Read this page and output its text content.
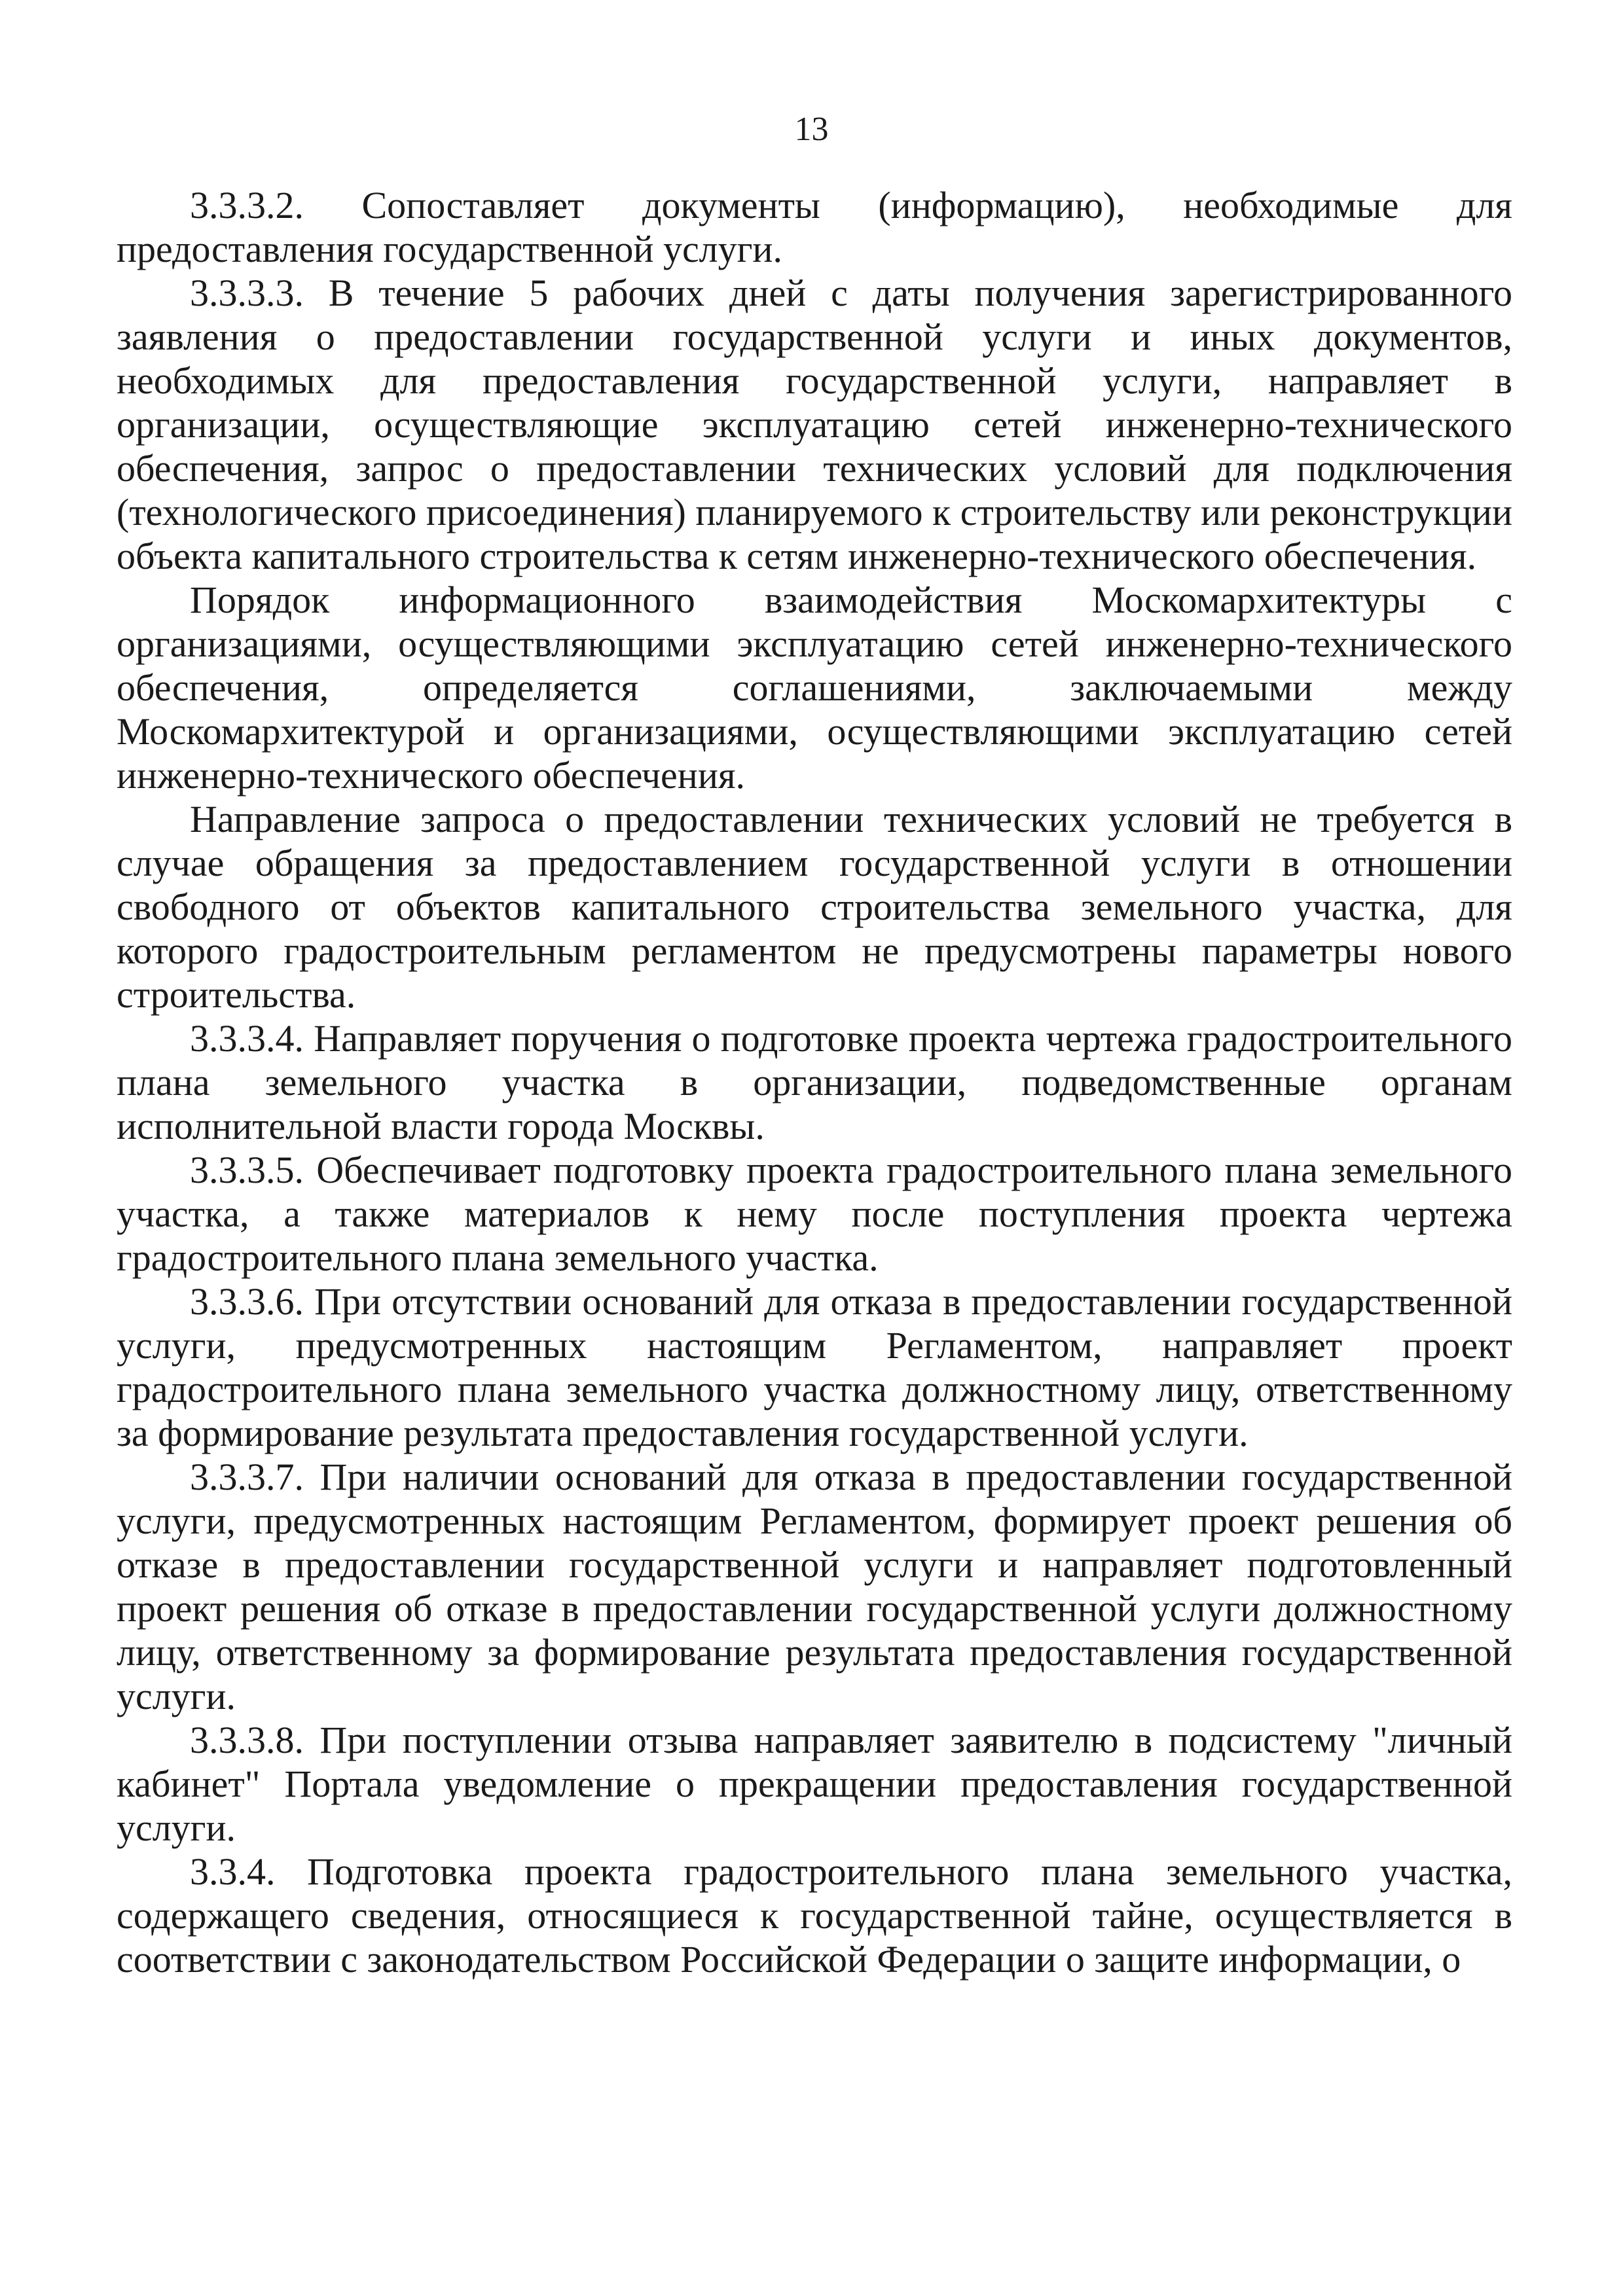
13

3.3.3.2. Сопоставляет документы (информацию), необходимые для предоставления государственной услуги.

3.3.3.3. В течение 5 рабочих дней с даты получения зарегистрированного заявления о предоставлении государственной услуги и иных документов, необходимых для предоставления государственной услуги, направляет в организации, осуществляющие эксплуатацию сетей инженерно-технического обеспечения, запрос о предоставлении технических условий для подключения (технологического присоединения) планируемого к строительству или реконструкции объекта капитального строительства к сетям инженерно-технического обеспечения.

Порядок информационного взаимодействия Москомархитектуры с организациями, осуществляющими эксплуатацию сетей инженерно-технического обеспечения, определяется соглашениями, заключаемыми между Москомархитектурой и организациями, осуществляющими эксплуатацию сетей инженерно-технического обеспечения.

Направление запроса о предоставлении технических условий не требуется в случае обращения за предоставлением государственной услуги в отношении свободного от объектов капитального строительства земельного участка, для которого градостроительным регламентом не предусмотрены параметры нового строительства.

3.3.3.4. Направляет поручения о подготовке проекта чертежа градостроительного плана земельного участка в организации, подведомственные органам исполнительной власти города Москвы.

3.3.3.5. Обеспечивает подготовку проекта градостроительного плана земельного участка, а также материалов к нему после поступления проекта чертежа градостроительного плана земельного участка.

3.3.3.6. При отсутствии оснований для отказа в предоставлении государственной услуги, предусмотренных настоящим Регламентом, направляет проект градостроительного плана земельного участка должностному лицу, ответственному за формирование результата предоставления государственной услуги.

3.3.3.7. При наличии оснований для отказа в предоставлении государственной услуги, предусмотренных настоящим Регламентом, формирует проект решения об отказе в предоставлении государственной услуги и направляет подготовленный проект решения об отказе в предоставлении государственной услуги должностному лицу, ответственному за формирование результата предоставления государственной услуги.

3.3.3.8. При поступлении отзыва направляет заявителю в подсистему "личный кабинет" Портала уведомление о прекращении предоставления государственной услуги.

3.3.4. Подготовка проекта градостроительного плана земельного участка, содержащего сведения, относящиеся к государственной тайне, осуществляется в соответствии с законодательством Российской Федерации о защите информации, о
